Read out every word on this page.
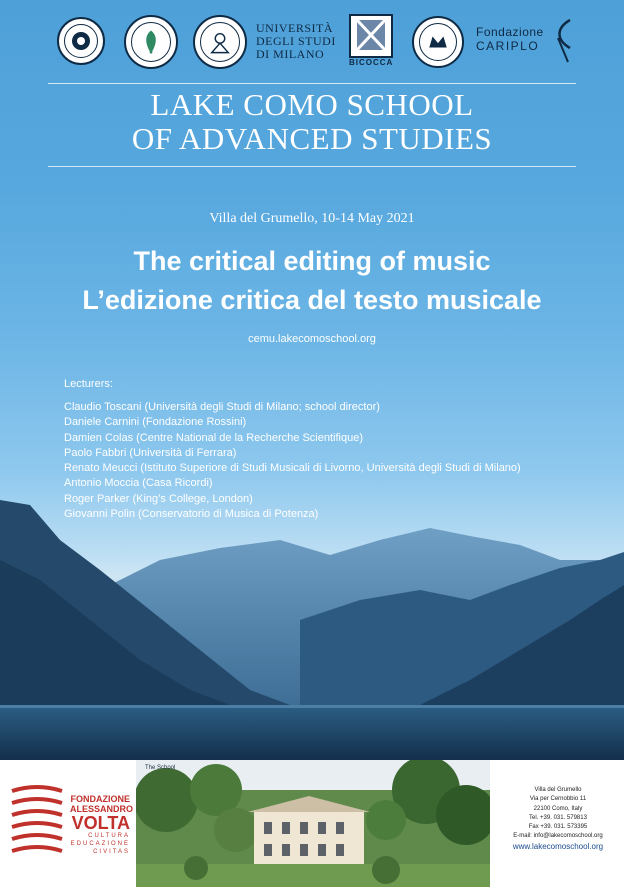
UNIVERSITÀ
DEGLI STUDI
DI MILANO
BICOCCA
Fondazione
CARIPLO
LAKE COMO SCHOOL
OF ADVANCED STUDIES
Villa del Grumello, 10-14 May 2021
The critical editing of music
L’edizione critica del testo musicale
cemu.lakecomoschool.org
Lecturers:
Claudio Toscani (Università degli Studi di Milano; school director)
Daniele Carnini (Fondazione Rossini)
Damien Colas (Centre National de la Recherche Scientifique)
Paolo Fabbri (Università di Ferrara)
Renato Meucci (Istituto Superiore di Studi Musicali di Livorno, Università degli Studi di Milano)
Antonio Moccia (Casa Ricordi)
Roger Parker (King’s College, London)
Giovanni Polin (Conservatorio di Musica di Potenza)
FONDAZIONE
ALESSANDRO
VOLTA
CULTURA
EDUCAZIONE
CIVITAS
The School
Villa del Grumello
Via per Cernobbio 11
22100 Como, Italy
Tel. +39. 031. 579813
Fax +39. 031. 573395
E-mail: info@lakecomoschool.org
www.lakecomoschool.org
